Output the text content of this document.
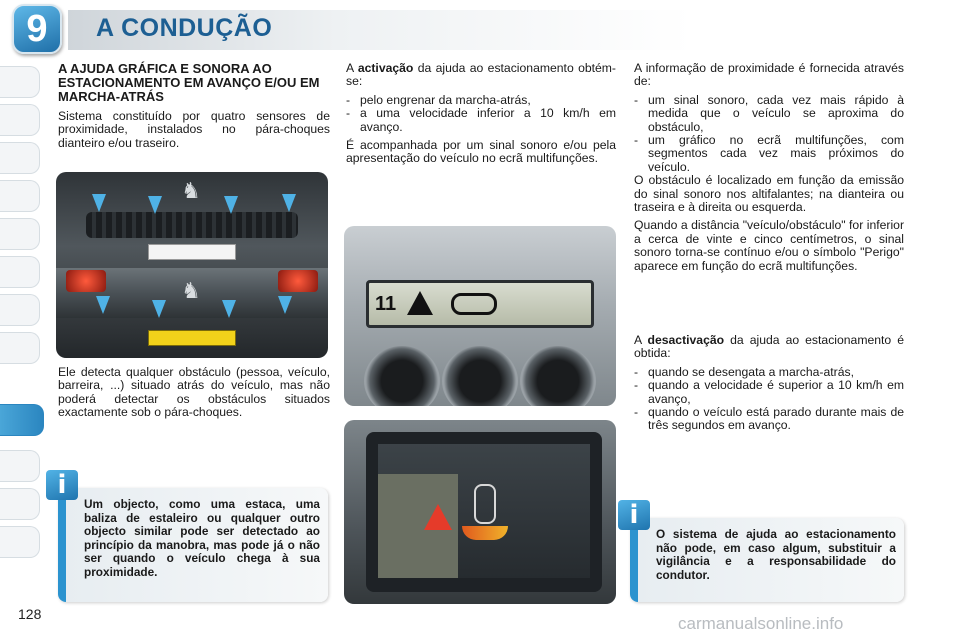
9	A CONDUÇÃO
A AJUDA GRÁFICA E SONORA AO ESTACIONAMENTO EM AVANÇO E/OU EM MARCHA-ATRÁS

Sistema constituído por quatro sensores de proximidade, instalados no pára-choques dianteiro e/ou traseiro.

♞
♞

Ele detecta qualquer obstáculo (pessoa, veículo, barreira, ...) situado atrás do veículo, mas não poderá detectar os obstáculos situados exactamente sob o pára-choques.

A activação da ajuda ao estacionamento obtém-se:

- pelo engrenar da marcha-atrás,
- a uma velocidade inferior a 10 km/h em avanço.

É acompanhada por um sinal sonoro e/ou pela apresentação do veículo no ecrã multifunções.

11

A informação de proximidade é fornecida através de:

- um sinal sonoro, cada vez mais rápido à medida que o veículo se aproxima do obstáculo,
- um gráfico no ecrã multifunções, com segmentos cada vez mais próximos do veículo.

O obstáculo é localizado em função da emissão do sinal sonoro nos altifalantes; na dianteira ou traseira e à direita ou esquerda.

Quando a distância "veículo/obstáculo" for inferior a cerca de vinte e cinco centímetros, o sinal sonoro torna-se contínuo e/ou o símbolo "Perigo" aparece em função do ecrã multifunções.

A desactivação da ajuda ao estacionamento é obtida:

- quando se desengata a marcha-atrás,
- quando a velocidade é superior a 10 km/h em avanço,
- quando o veículo está parado durante mais de três segundos em avanço.
i
Um objecto, como uma estaca, uma baliza de estaleiro ou qualquer outro objecto similar pode ser detectado ao princípio da manobra, mas pode já o não ser quando o veículo chega à sua proximidade.
i
O sistema de ajuda ao estacionamento não pode, em caso algum, substituir a vigilância e a responsabilidade do condutor.
128	carmanualsonline.info
